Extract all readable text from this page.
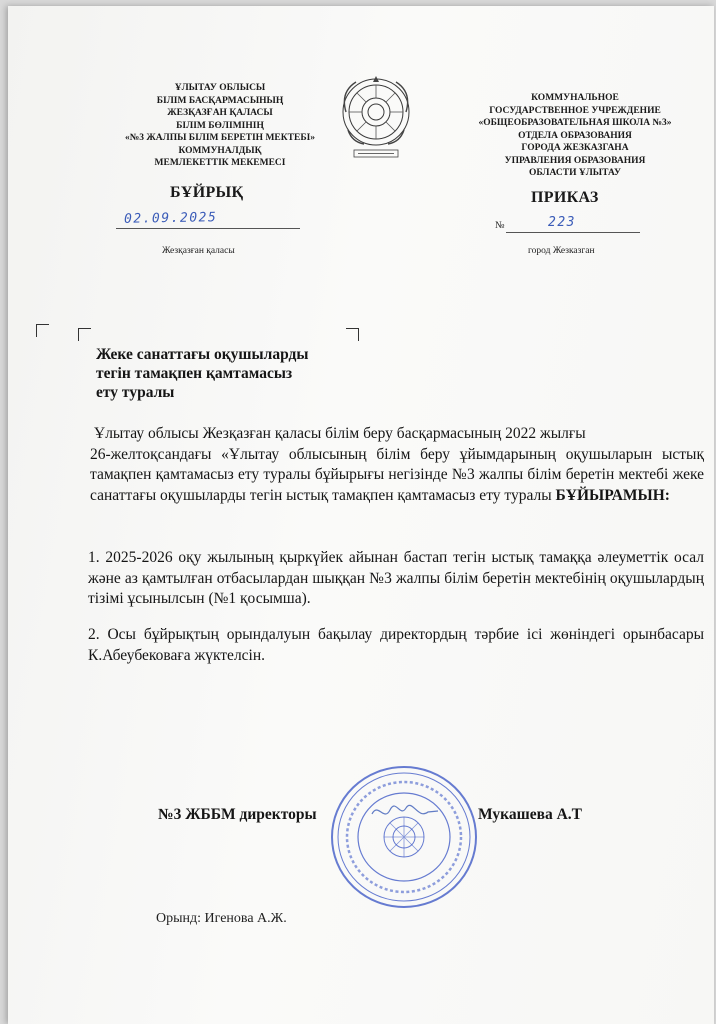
ҰЛЫТАУ ОБЛЫСЫ
БІЛІМ БАСҚАРМАСЫНЫҢ
ЖЕЗҚАЗҒАН ҚАЛАСЫ
БІЛІМ БӨЛІМІНІҢ
«№3 ЖАЛПЫ БІЛІМ БЕРЕТІН МЕКТЕБІ»
КОММУНАЛДЫҚ
МЕМЛЕКЕТТІК МЕКЕМЕСІ
КОММУНАЛЬНОЕ
ГОСУДАРСТВЕННОЕ УЧРЕЖДЕНИЕ
«ОБЩЕОБРАЗОВАТЕЛЬНАЯ ШКОЛА №3»
ОТДЕЛА ОБРАЗОВАНИЯ
ГОРОДА ЖЕЗКАЗГАНА
УПРАВЛЕНИЯ ОБРАЗОВАНИЯ
ОБЛАСТИ ҰЛЫТАУ
БҰЙРЫҚ	ПРИКАЗ
02.09.2025	№	223
Жезқазған қаласы	город Жезказган
Жеке санаттағы оқушыларды
тегін тамақпен қамтамасыз
ету туралы
Ұлытау облысы Жезқазған қаласы білім беру басқармасының 2022 жылғы
26-желтоқсандағы «Ұлытау облысының білім беру ұйымдарының оқушыларын ыстық тамақпен қамтамасыз ету туралы бұйырығы негізінде №3 жалпы білім беретін мектебі жеке санаттағы оқушыларды тегін ыстық тамақпен қамтамасыз ету туралы БҰЙЫРАМЫН:
1. 2025-2026 оқу жылының қыркүйек айынан бастап тегін ыстық тамаққа әлеуметтік осал және аз қамтылған отбасылардан шыққан №3 жалпы білім беретін мектебінің оқушылардың тізімі ұсынылсын (№1 қосымша).
2. Осы бұйрықтың орындалуын бақылау директордың тәрбие ісі жөніндегі орынбасары К.Абеубековаға жүктелсін.
№3 ЖББМ директоры	Мукашева А.Т
Орынд: Игенова А.Ж.
